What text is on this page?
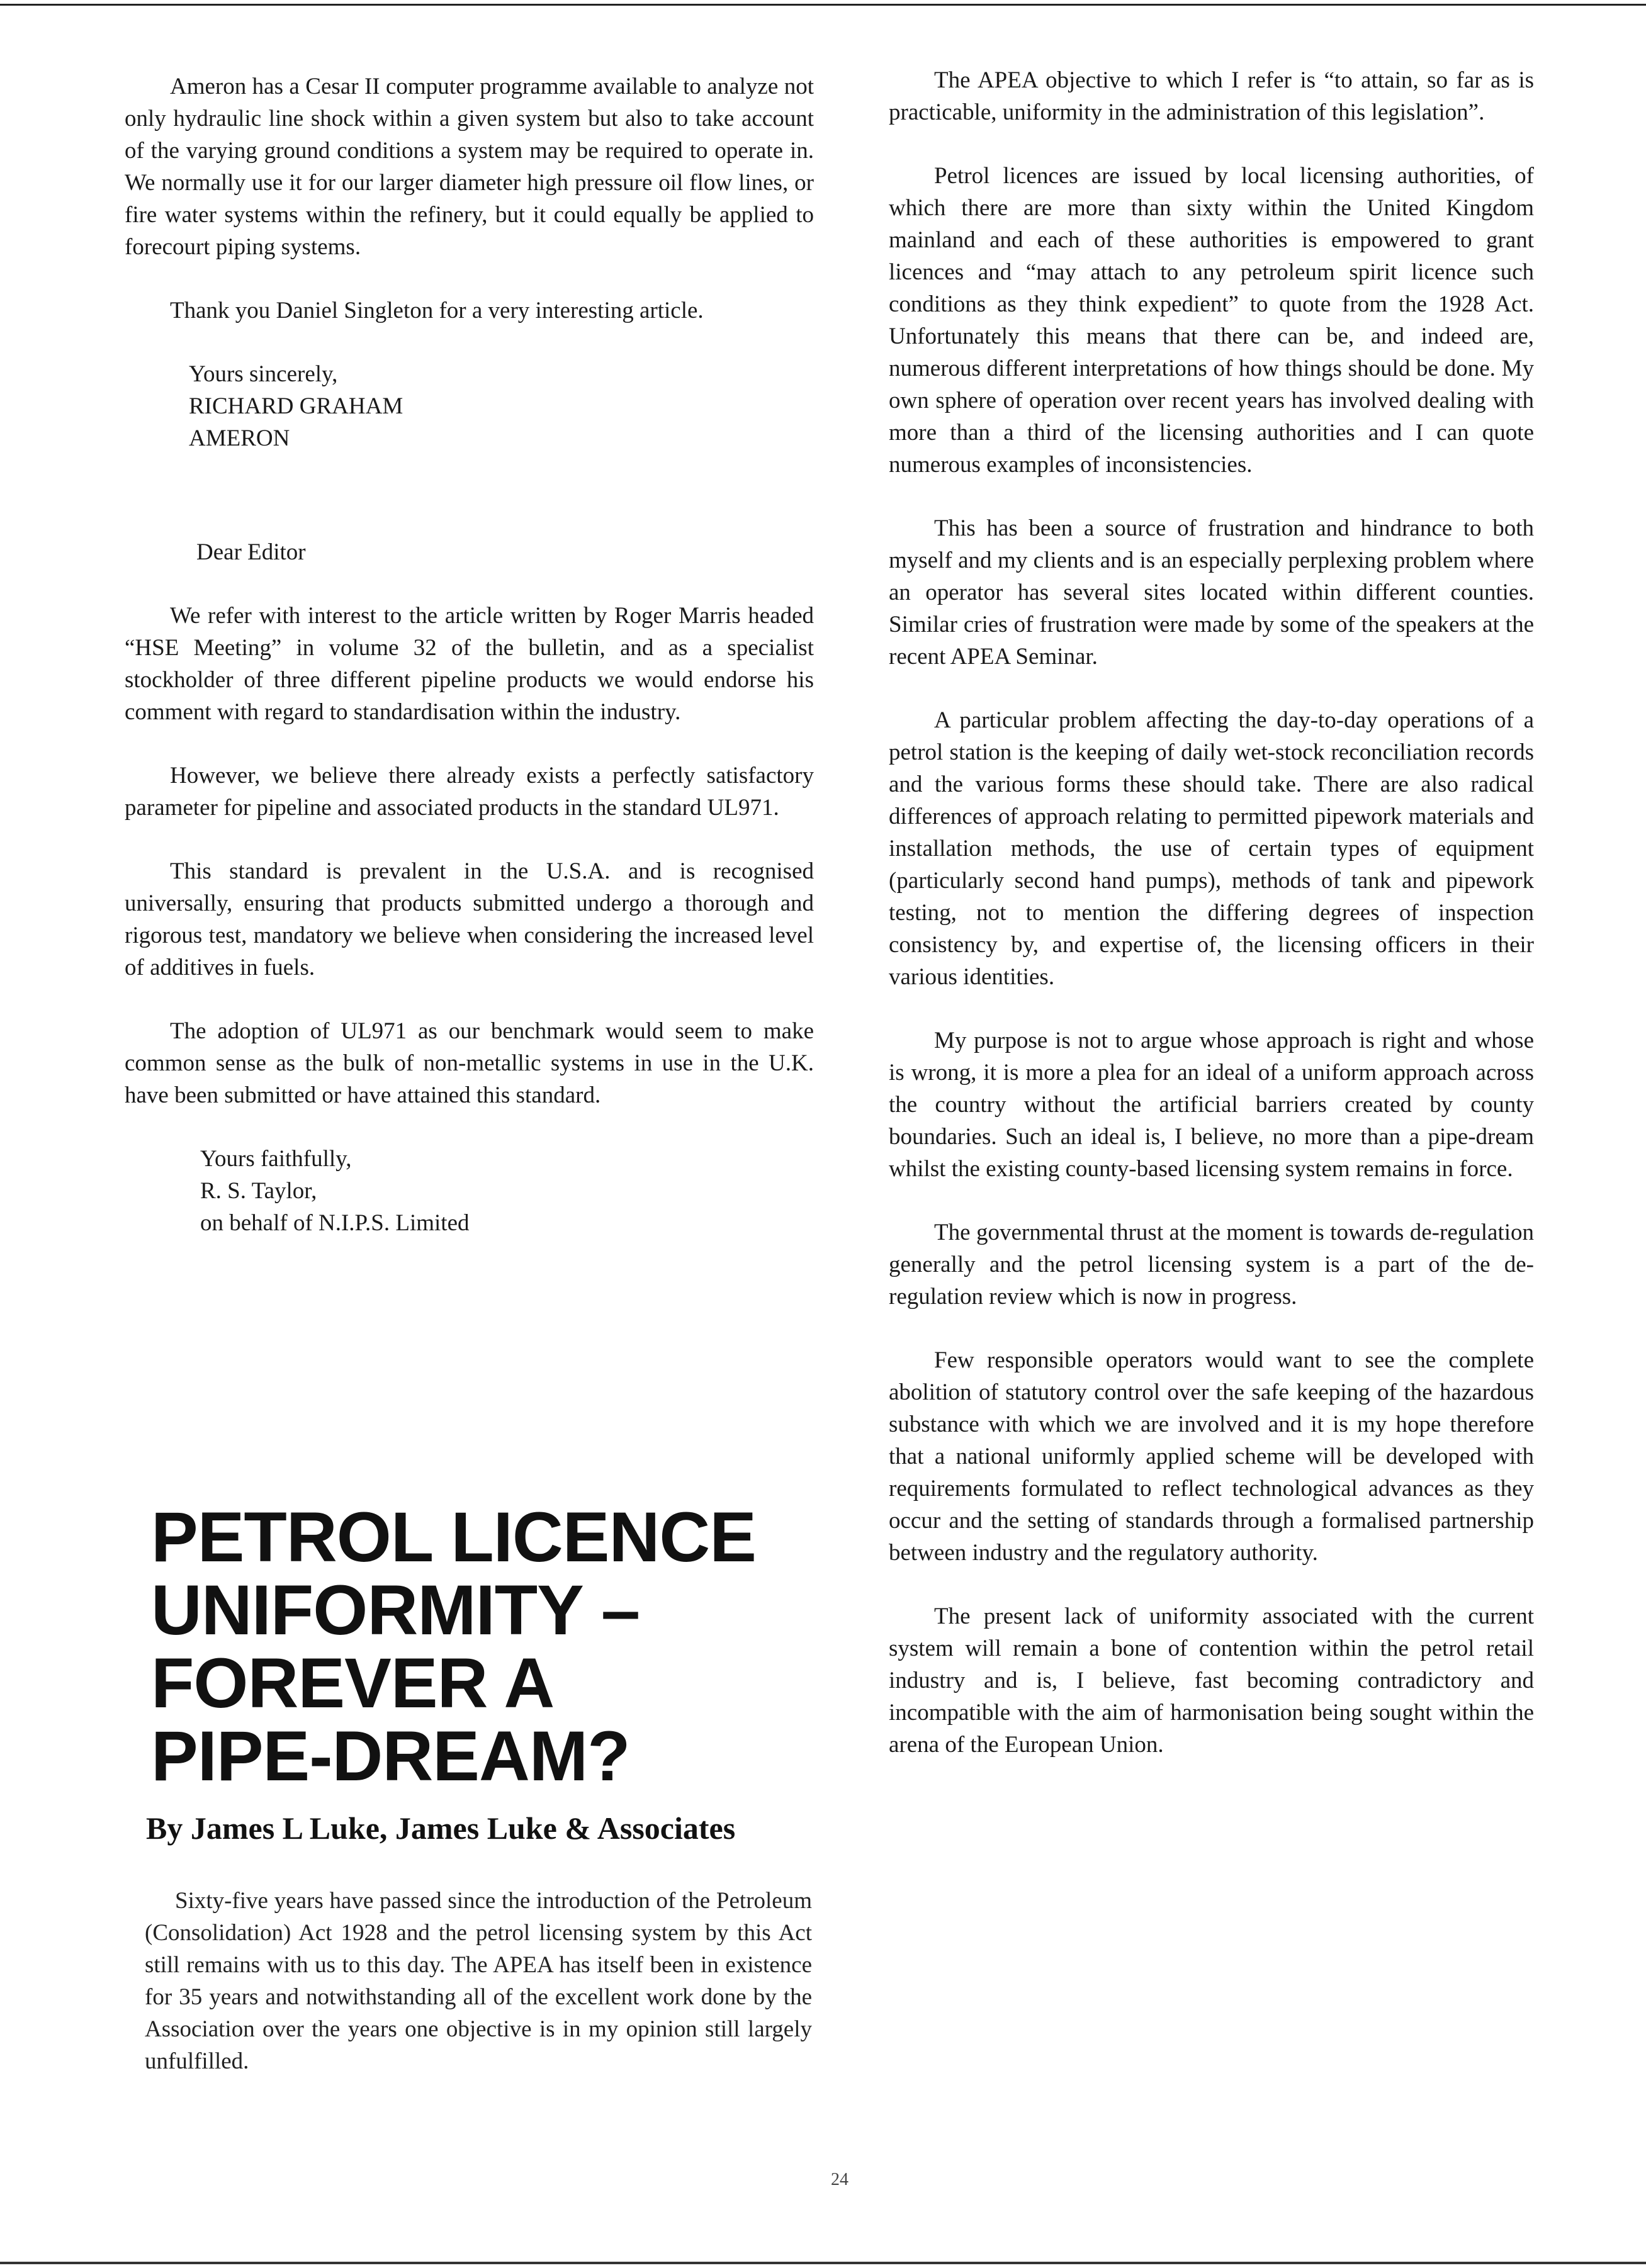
Ameron has a Cesar II computer programme available to analyze not only hydraulic line shock within a given system but also to take account of the varying ground conditions a system may be required to operate in. We normally use it for our larger diameter high pressure oil flow lines, or fire water systems within the refinery, but it could equally be applied to forecourt piping systems.

Thank you Daniel Singleton for a very interesting article.

Yours sincerely,

RICHARD GRAHAM

AMERON

Dear Editor

We refer with interest to the article written by Roger Marris headed “HSE Meeting” in volume 32 of the bulletin, and as a specialist stockholder of three different pipeline products we would endorse his comment with regard to standardisation within the industry.

However, we believe there already exists a perfectly satisfactory parameter for pipeline and associated products in the standard UL971.

This standard is prevalent in the U.S.A. and is recognised universally, ensuring that products submitted undergo a thorough and rigorous test, mandatory we believe when considering the increased level of additives in fuels.

The adoption of UL971 as our benchmark would seem to make common sense as the bulk of non-metallic systems in use in the U.K. have been submitted or have attained this standard.

Yours faithfully,

R. S. Taylor,

on behalf of N.I.P.S. Limited

PETROL LICENCE
UNIFORMITY –
FOREVER A
PIPE-DREAM?
By James L Luke, James Luke & Associates

Sixty-five years have passed since the introduction of the Petroleum (Consolidation) Act 1928 and the petrol licensing system by this Act still remains with us to this day. The APEA has itself been in existence for 35 years and notwithstanding all of the excellent work done by the Association over the years one objective is in my opinion still largely unfulfilled.

The APEA objective to which I refer is “to attain, so far as is practicable, uniformity in the administration of this legislation”.

Petrol licences are issued by local licensing authorities, of which there are more than sixty within the United Kingdom mainland and each of these authorities is empowered to grant licences and “may attach to any petroleum spirit licence such conditions as they think expedient” to quote from the 1928 Act. Unfortunately this means that there can be, and indeed are, numerous different interpretations of how things should be done. My own sphere of operation over recent years has involved dealing with more than a third of the licensing authorities and I can quote numerous examples of inconsistencies.

This has been a source of frustration and hindrance to both myself and my clients and is an especially perplexing problem where an operator has several sites located within different counties. Similar cries of frustration were made by some of the speakers at the recent APEA Seminar.

A particular problem affecting the day-to-day operations of a petrol station is the keeping of daily wet-stock reconciliation records and the various forms these should take. There are also radical differences of approach relating to permitted pipework materials and installation methods, the use of certain types of equipment (particularly second hand pumps), methods of tank and pipework testing, not to mention the differing degrees of inspection consistency by, and expertise of, the licensing officers in their various identities.

My purpose is not to argue whose approach is right and whose is wrong, it is more a plea for an ideal of a uniform approach across the country without the artificial barriers created by county boundaries. Such an ideal is, I believe, no more than a pipe-dream whilst the existing county-based licensing system remains in force.

The governmental thrust at the moment is towards de-regulation generally and the petrol licensing system is a part of the de-regulation review which is now in progress.

Few responsible operators would want to see the complete abolition of statutory control over the safe keeping of the hazardous substance with which we are involved and it is my hope therefore that a national uniformly applied scheme will be developed with requirements formulated to reflect technological advances as they occur and the setting of standards through a formalised partnership between industry and the regulatory authority.

The present lack of uniformity associated with the current system will remain a bone of contention within the petrol retail industry and is, I believe, fast becoming contradictory and incompatible with the aim of harmonisation being sought within the arena of the European Union.

24
